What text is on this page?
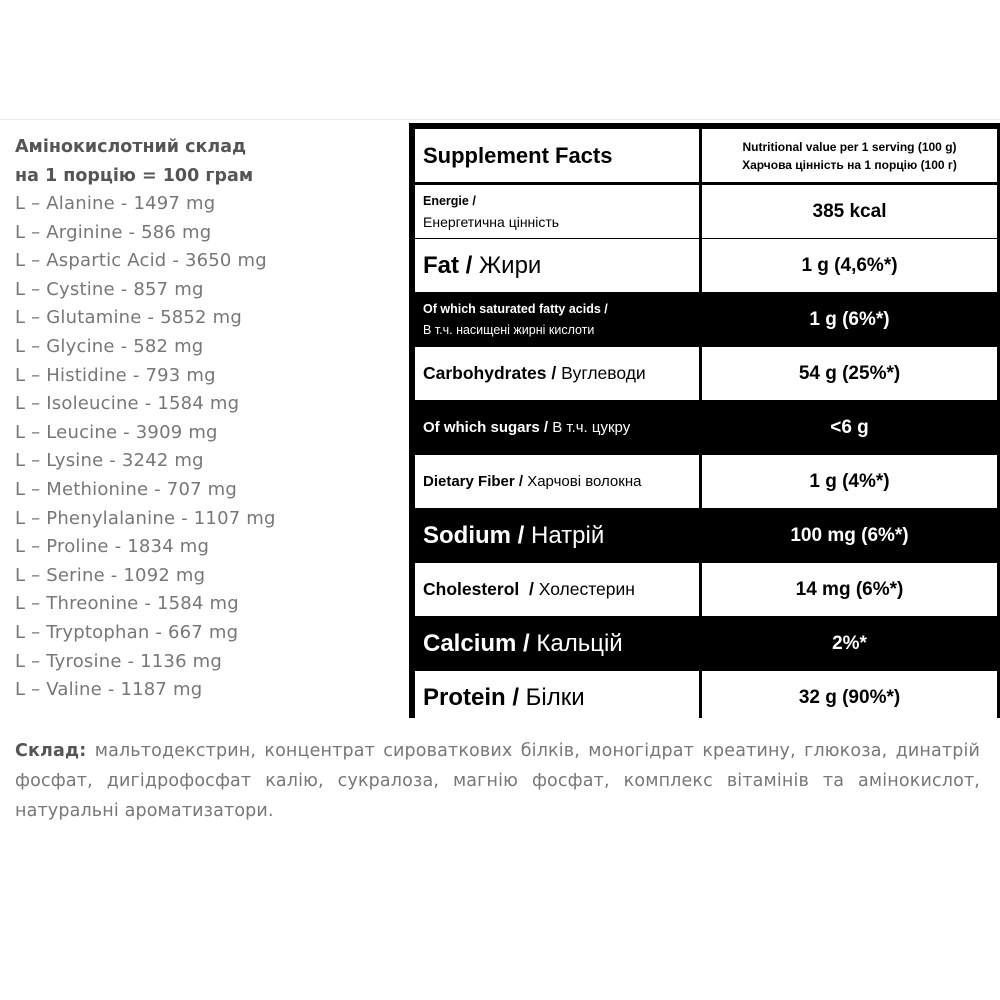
Амінокислотний склад
на 1 порцію = 100 грам
L – Alanine - 1497 mg
L – Arginine - 586 mg
L – Aspartic Acid - 3650 mg
L – Cystine - 857 mg
L – Glutamine - 5852 mg
L – Glycine - 582 mg
L – Histidine - 793 mg
L – Isoleucine - 1584 mg
L – Leucine - 3909 mg
L – Lysine - 3242 mg
L – Methionine - 707 mg
L – Phenylalanine - 1107 mg
L – Proline - 1834 mg
L – Serine - 1092 mg
L – Threonine - 1584 mg
L – Tryptophan - 667 mg
L – Tyrosine - 1136 mg
L – Valine - 1187 mg
Supplement Facts	Nutritional value per 1 serving (100 g)
Харчова цінність на 1 порцію (100 г)
Energie /
Енергетична цінність	385 kcal
Fat / Жири	1 g (4,6%*)
Of which saturated fatty acids /
В т.ч. насищені жирні кислоти	1 g (6%*)
Carbohydrates / Вуглеводи	54 g (25%*)
Of which sugars / В т.ч. цукру	<6 g
Dietary Fiber / Харчові волокна	1 g (4%*)
Sodium / Натрій	100 mg (6%*)
Cholesterol  / Холестерин	14 mg (6%*)
Calcium / Кальцій	2%*
Protein / Білки	32 g (90%*)

Склад: мальтодекстрин, концентрат сироваткових білків, моногідрат креатину, глюкоза, динатрій фосфат, дигідрофосфат калію, сукралоза, магнію фосфат, комплекс вітамінів та амінокислот, натуральні ароматизатори.
